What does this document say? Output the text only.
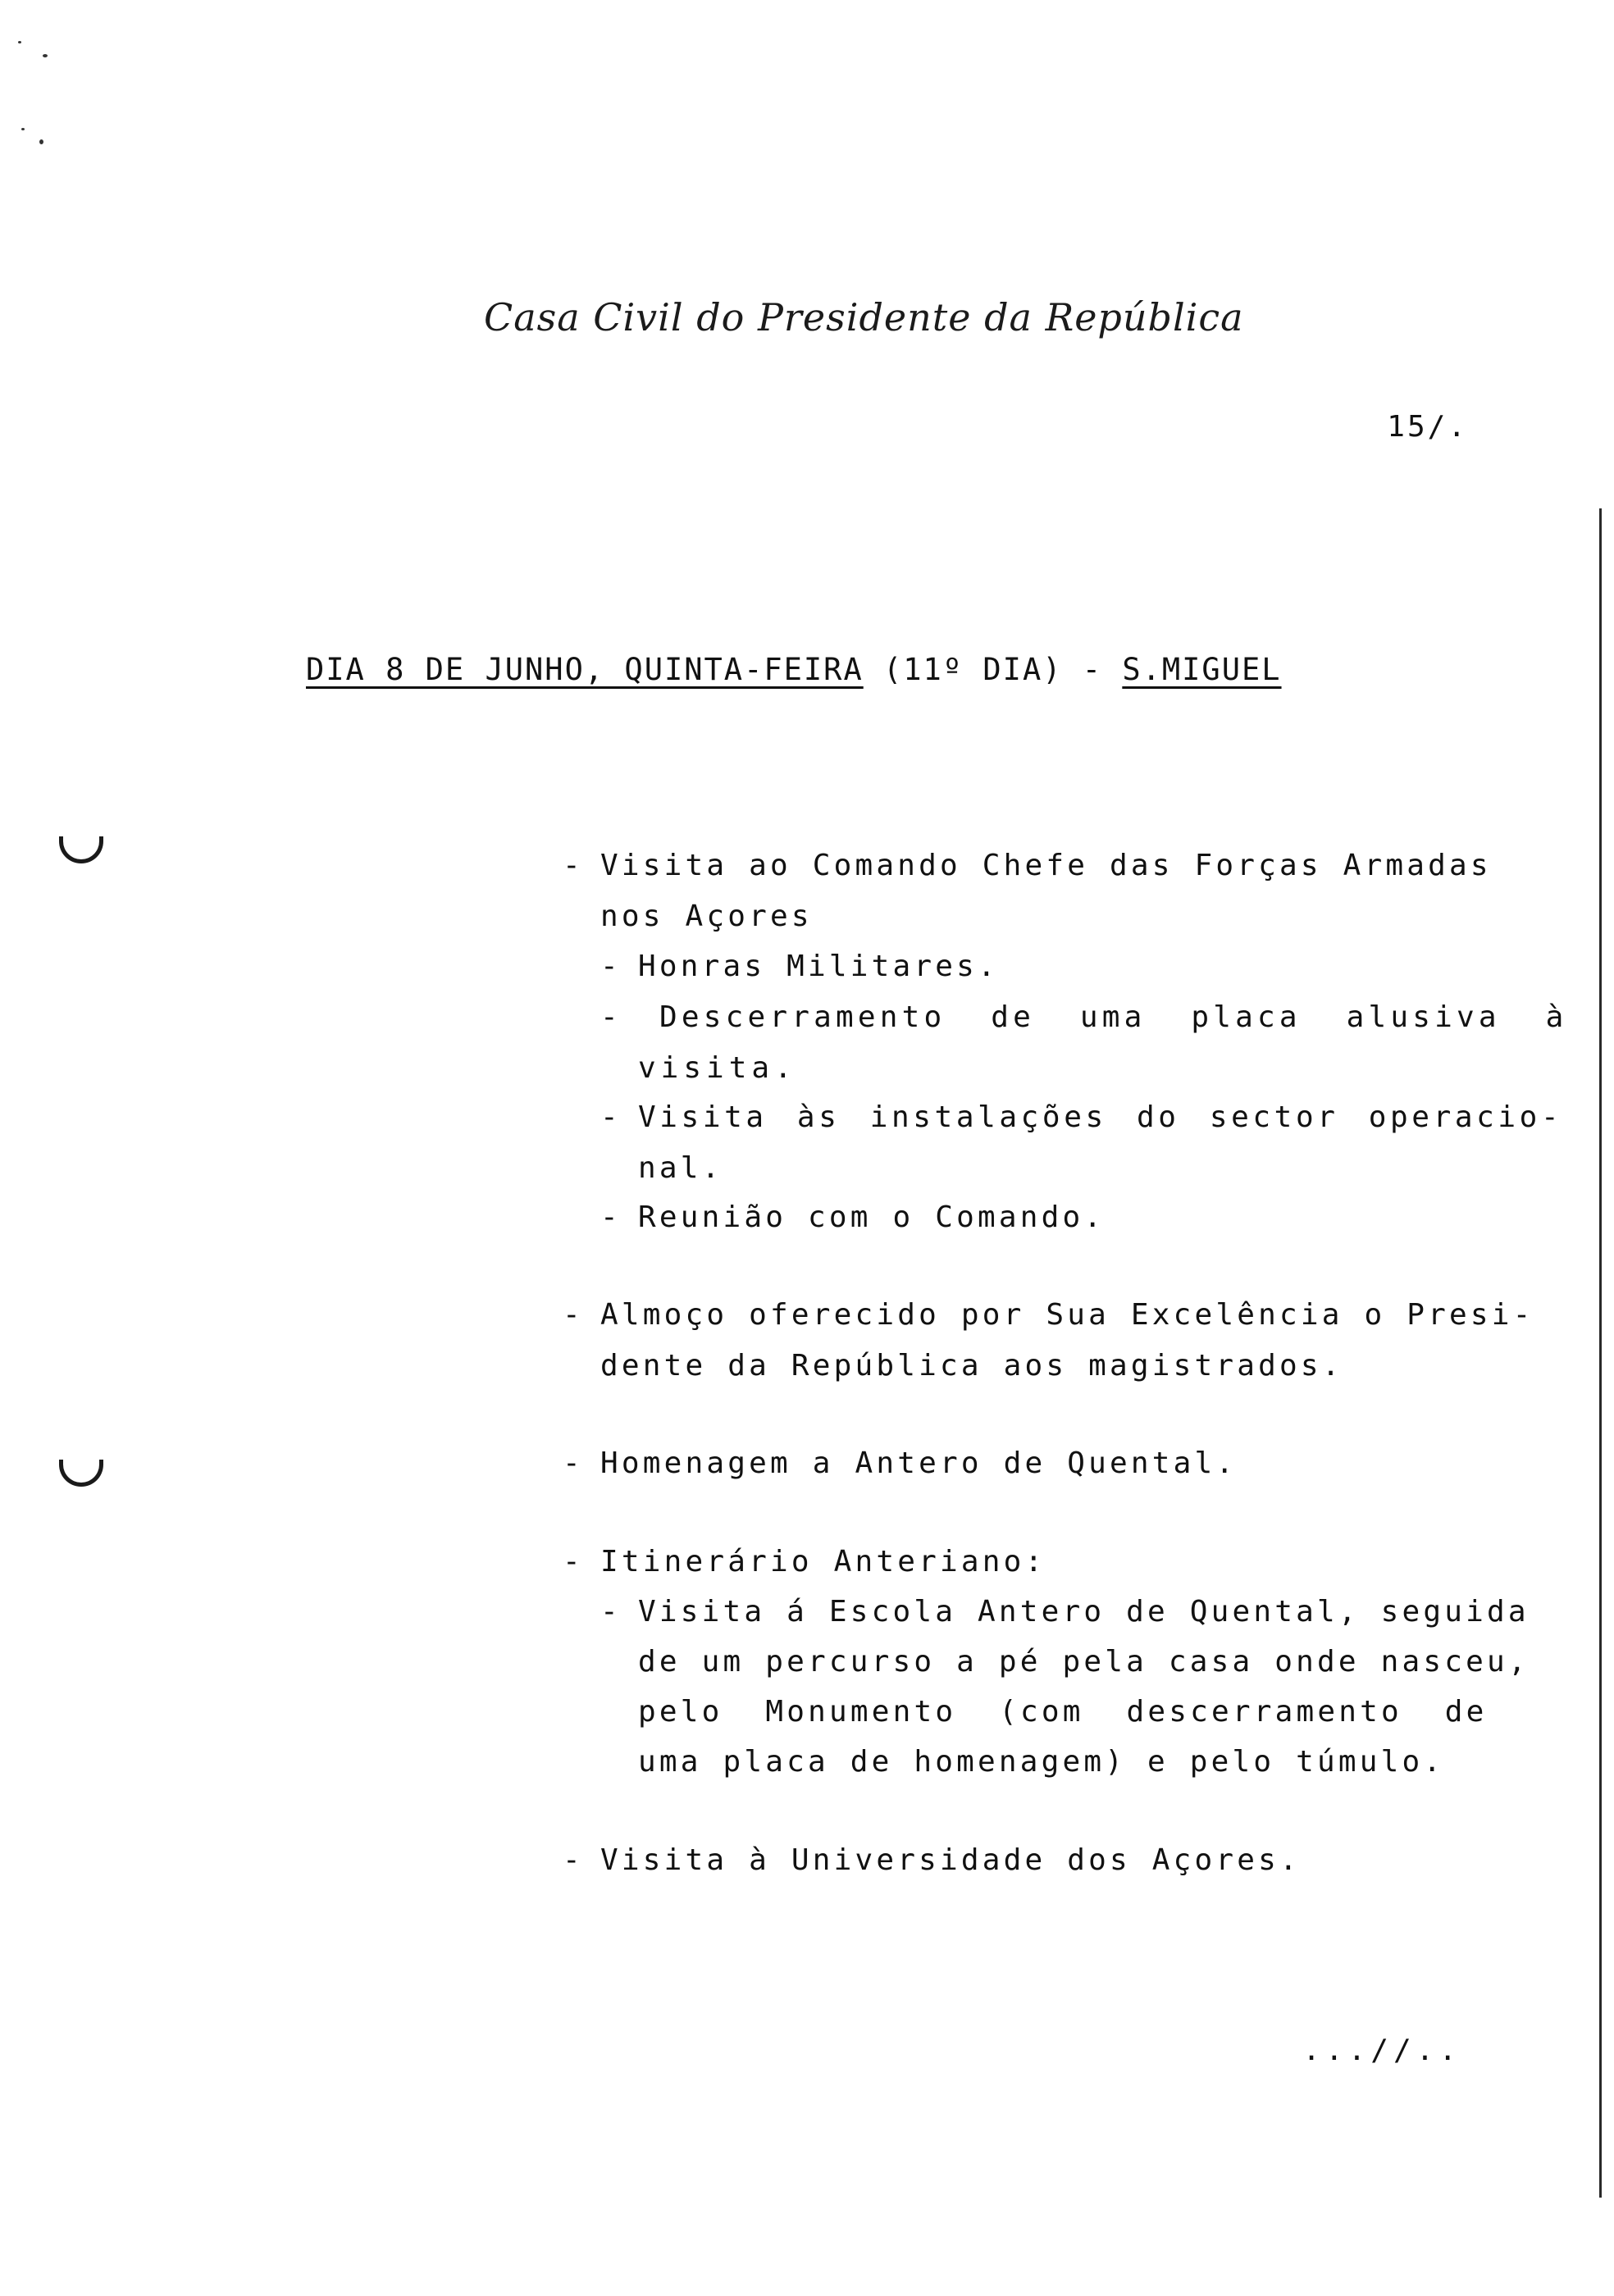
Casa Civil do Presidente da República
15/.
DIA 8 DE JUNHO, QUINTA-FEIRA (11º DIA) - S.MIGUEL
- Visita ao Comando Chefe das Forças Armadas
nos Açores
- Honras Militares.
- Descerramento de uma placa alusiva à
visita.
- Visita às instalações do sector operacio-
nal.
- Reunião com o Comando.
- Almoço oferecido por Sua Excelência o Presi-
dente da República aos magistrados.
- Homenagem a Antero de Quental.
- Itinerário Anteriano:
- Visita á Escola Antero de Quental, seguida
de um percurso a pé pela casa onde nasceu,
pelo Monumento (com descerramento de
uma placa de homenagem) e pelo túmulo.
- Visita à Universidade dos Açores.
...//..
